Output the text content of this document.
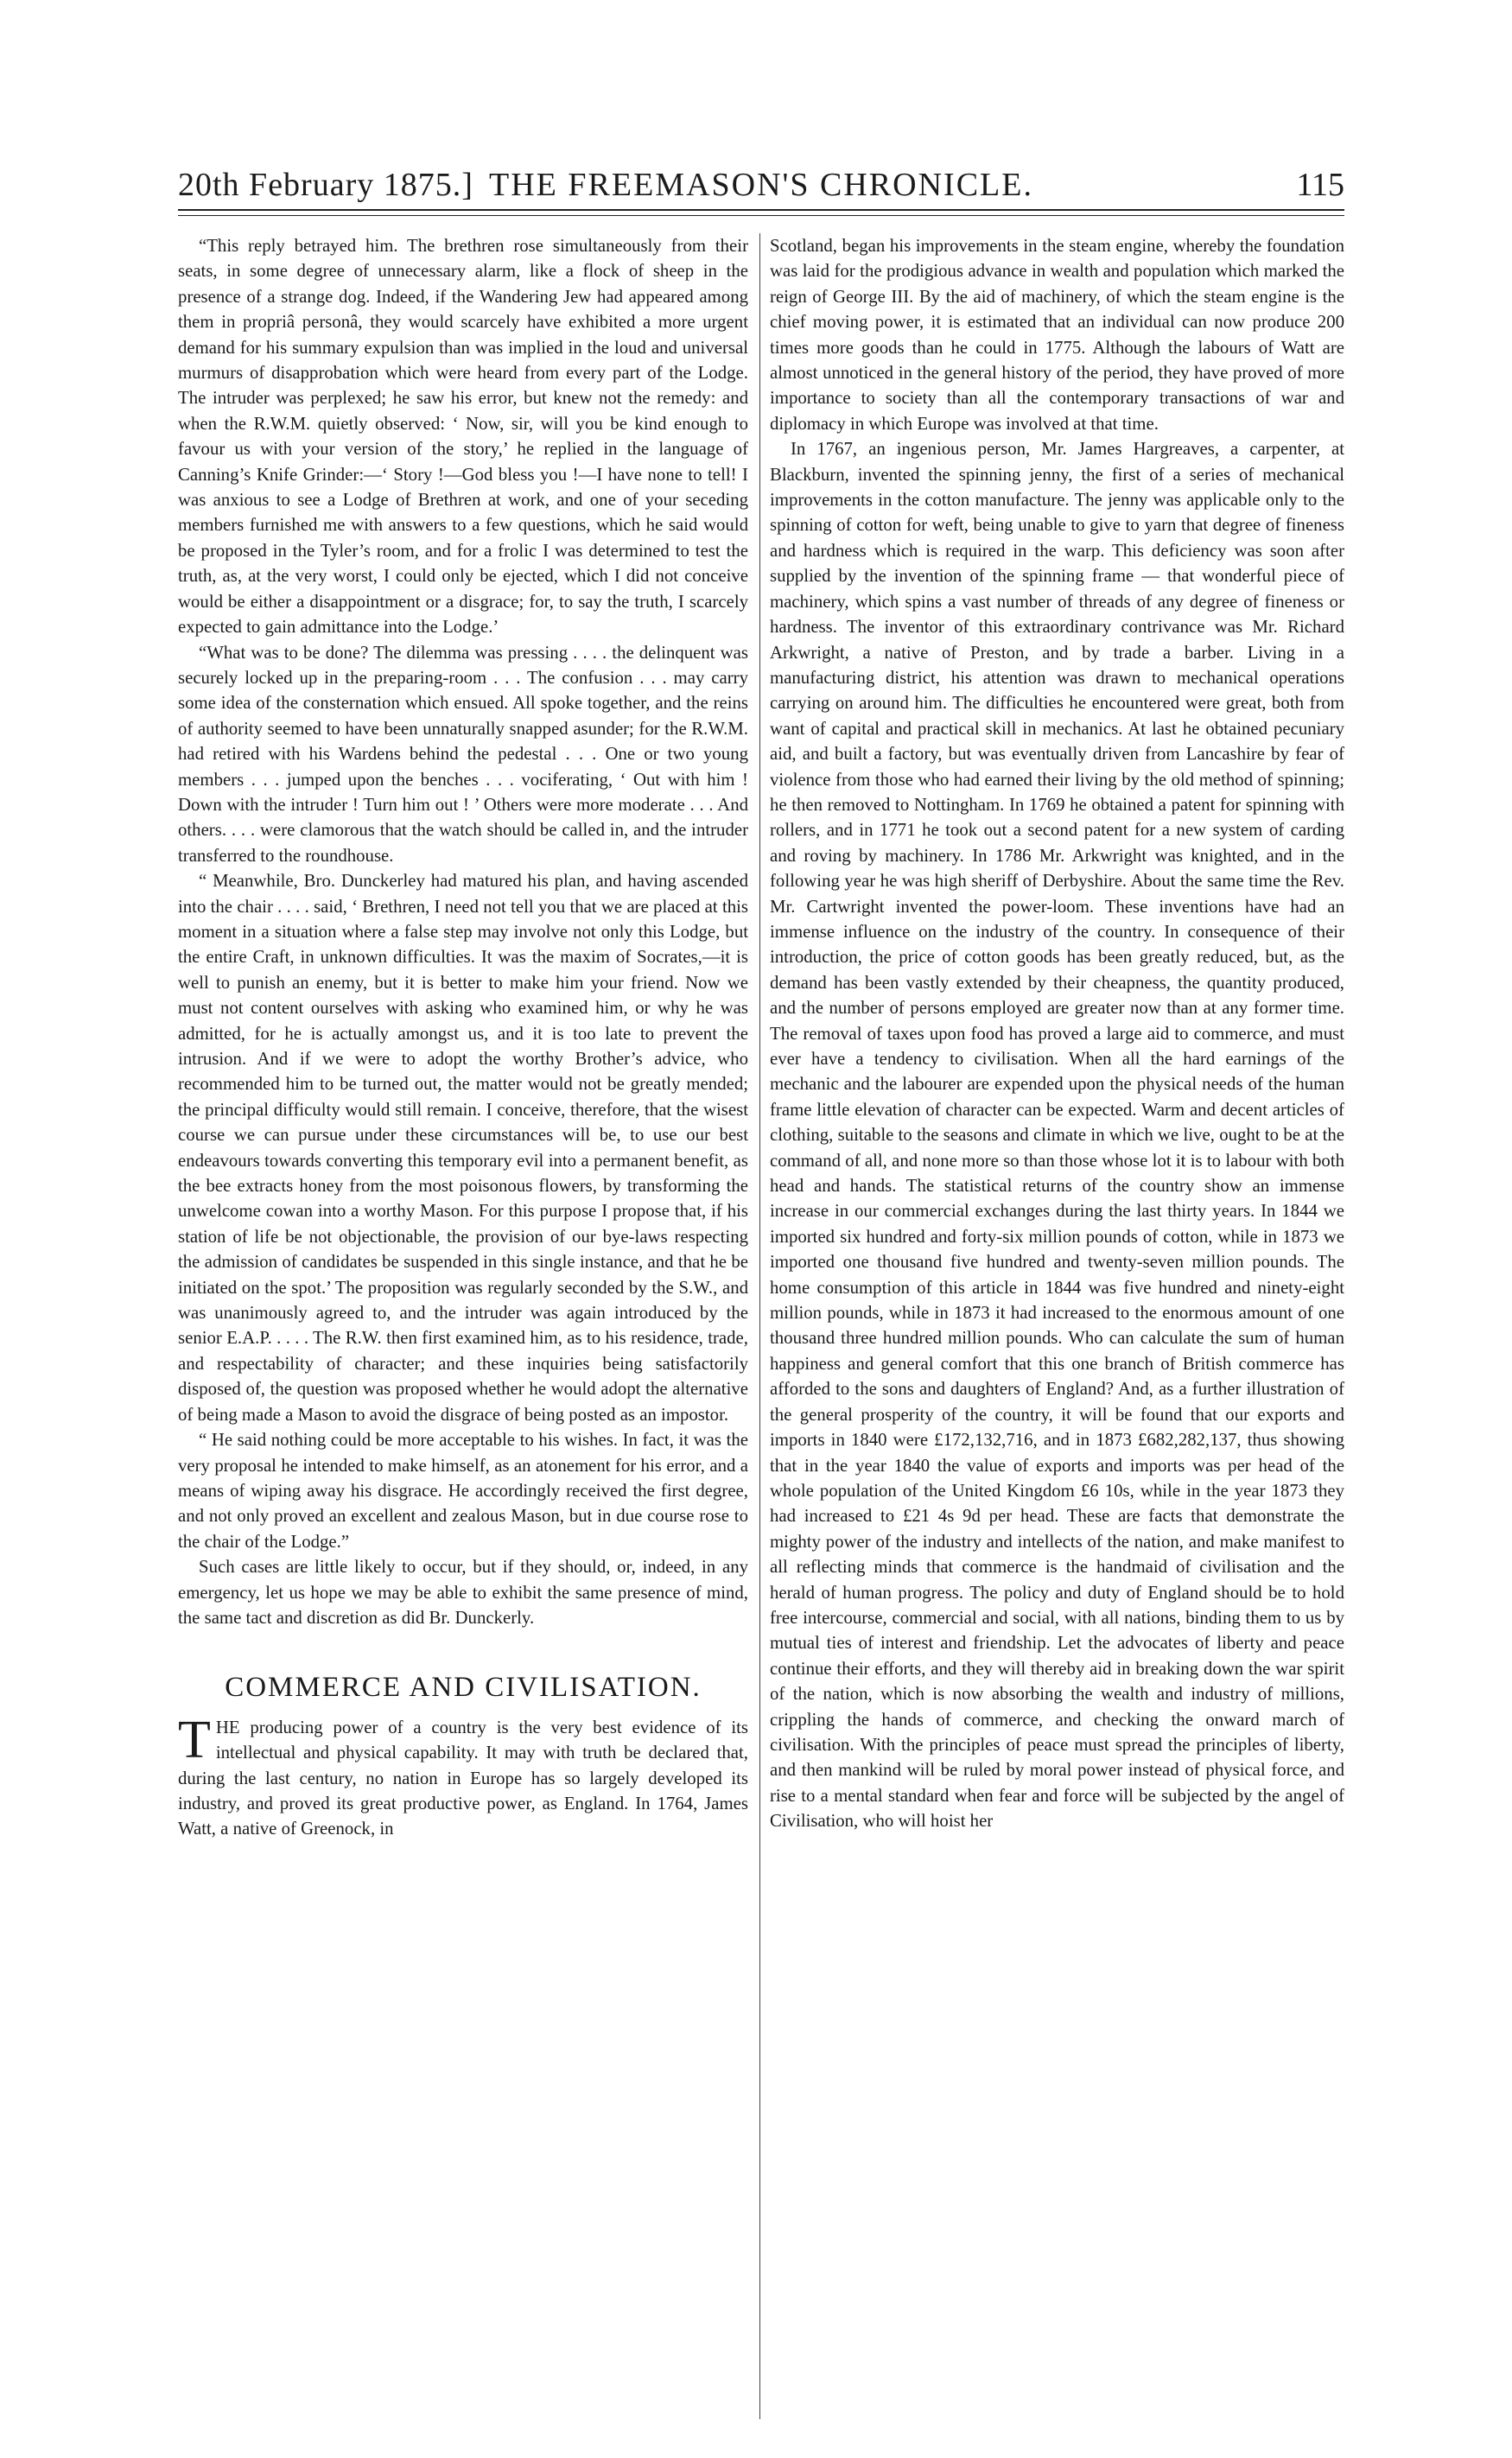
20th February 1875.] THE FREEMASON'S CHRONICLE.	115

“This reply betrayed him. The brethren rose simultaneously from their seats, in some degree of unnecessary alarm, like a flock of sheep in the presence of a strange dog. Indeed, if the Wandering Jew had appeared among them in propriâ personâ, they would scarcely have exhibited a more urgent demand for his summary expulsion than was implied in the loud and universal murmurs of disapprobation which were heard from every part of the Lodge. The intruder was perplexed; he saw his error, but knew not the remedy: and when the R.W.M. quietly observed: ‘ Now, sir, will you be kind enough to favour us with your version of the story,’ he replied in the language of Canning’s Knife Grinder:—‘ Story !—God bless you !—I have none to tell! I was anxious to see a Lodge of Brethren at work, and one of your seceding members furnished me with answers to a few questions, which he said would be proposed in the Tyler’s room, and for a frolic I was determined to test the truth, as, at the very worst, I could only be ejected, which I did not conceive would be either a disappointment or a disgrace; for, to say the truth, I scarcely expected to gain admittance into the Lodge.’

“What was to be done? The dilemma was pressing . . . . the delinquent was securely locked up in the preparing-room . . . The confusion . . . may carry some idea of the consternation which ensued. All spoke together, and the reins of authority seemed to have been unnaturally snapped asunder; for the R.W.M. had retired with his Wardens behind the pedestal . . . One or two young members . . . jumped upon the benches . . . vociferating, ‘ Out with him ! Down with the intruder ! Turn him out ! ’ Others were more moderate . . . And others. . . . were clamorous that the watch should be called in, and the intruder transferred to the roundhouse.

“ Meanwhile, Bro. Dunckerley had matured his plan, and having ascended into the chair . . . . said, ‘ Brethren, I need not tell you that we are placed at this moment in a situation where a false step may involve not only this Lodge, but the entire Craft, in unknown difficulties. It was the maxim of Socrates,—it is well to punish an enemy, but it is better to make him your friend. Now we must not content ourselves with asking who examined him, or why he was admitted, for he is actually amongst us, and it is too late to prevent the intrusion. And if we were to adopt the worthy Brother’s advice, who recommended him to be turned out, the matter would not be greatly mended; the principal difficulty would still remain. I conceive, therefore, that the wisest course we can pursue under these circumstances will be, to use our best endeavours towards converting this temporary evil into a permanent benefit, as the bee extracts honey from the most poisonous flowers, by transforming the unwelcome cowan into a worthy Mason. For this purpose I propose that, if his station of life be not objectionable, the provision of our bye-laws respecting the admission of candidates be suspended in this single instance, and that he be initiated on the spot.’ The proposition was regularly seconded by the S.W., and was unanimously agreed to, and the intruder was again introduced by the senior E.A.P. . . . . The R.W. then first examined him, as to his residence, trade, and respectability of character; and these inquiries being satisfactorily disposed of, the question was proposed whether he would adopt the alternative of being made a Mason to avoid the disgrace of being posted as an impostor.

“ He said nothing could be more acceptable to his wishes. In fact, it was the very proposal he intended to make himself, as an atonement for his error, and a means of wiping away his disgrace. He accordingly received the first degree, and not only proved an excellent and zealous Mason, but in due course rose to the chair of the Lodge.”

Such cases are little likely to occur, but if they should, or, indeed, in any emergency, let us hope we may be able to exhibit the same presence of mind, the same tact and discretion as did Br. Dunckerly.

COMMERCE AND CIVILISATION.

THE producing power of a country is the very best evidence of its intellectual and physical capability. It may with truth be declared that, during the last century, no nation in Europe has so largely developed its industry, and proved its great productive power, as England. In 1764, James Watt, a native of Greenock, in

Scotland, began his improvements in the steam engine, whereby the foundation was laid for the prodigious advance in wealth and population which marked the reign of George III. By the aid of machinery, of which the steam engine is the chief moving power, it is estimated that an individual can now produce 200 times more goods than he could in 1775. Although the labours of Watt are almost unnoticed in the general history of the period, they have proved of more importance to society than all the contemporary transactions of war and diplomacy in which Europe was involved at that time.

In 1767, an ingenious person, Mr. James Hargreaves, a carpenter, at Blackburn, invented the spinning jenny, the first of a series of mechanical improvements in the cotton manufacture. The jenny was applicable only to the spinning of cotton for weft, being unable to give to yarn that degree of fineness and hardness which is required in the warp. This deficiency was soon after supplied by the invention of the spinning frame — that wonderful piece of machinery, which spins a vast number of threads of any degree of fineness or hardness. The inventor of this extraordinary contrivance was Mr. Richard Arkwright, a native of Preston, and by trade a barber. Living in a manufacturing district, his attention was drawn to mechanical operations carrying on around him. The difficulties he encountered were great, both from want of capital and practical skill in mechanics. At last he obtained pecuniary aid, and built a factory, but was eventually driven from Lancashire by fear of violence from those who had earned their living by the old method of spinning; he then removed to Nottingham. In 1769 he obtained a patent for spinning with rollers, and in 1771 he took out a second patent for a new system of carding and roving by machinery. In 1786 Mr. Arkwright was knighted, and in the following year he was high sheriff of Derbyshire. About the same time the Rev. Mr. Cartwright invented the power-loom. These inventions have had an immense influence on the industry of the country. In consequence of their introduction, the price of cotton goods has been greatly reduced, but, as the demand has been vastly extended by their cheapness, the quantity produced, and the number of persons employed are greater now than at any former time. The removal of taxes upon food has proved a large aid to commerce, and must ever have a tendency to civilisation. When all the hard earnings of the mechanic and the labourer are expended upon the physical needs of the human frame little elevation of character can be expected. Warm and decent articles of clothing, suitable to the seasons and climate in which we live, ought to be at the command of all, and none more so than those whose lot it is to labour with both head and hands. The statistical returns of the country show an immense increase in our commercial exchanges during the last thirty years. In 1844 we imported six hundred and forty-six million pounds of cotton, while in 1873 we imported one thousand five hundred and twenty-seven million pounds. The home consumption of this article in 1844 was five hundred and ninety-eight million pounds, while in 1873 it had increased to the enormous amount of one thousand three hundred million pounds. Who can calculate the sum of human happiness and general comfort that this one branch of British commerce has afforded to the sons and daughters of England? And, as a further illustration of the general prosperity of the country, it will be found that our exports and imports in 1840 were £172,132,716, and in 1873 £682,282,137, thus showing that in the year 1840 the value of exports and imports was per head of the whole population of the United Kingdom £6 10s, while in the year 1873 they had increased to £21 4s 9d per head. These are facts that demonstrate the mighty power of the industry and intellects of the nation, and make manifest to all reflecting minds that commerce is the handmaid of civilisation and the herald of human progress. The policy and duty of England should be to hold free intercourse, commercial and social, with all nations, binding them to us by mutual ties of interest and friendship. Let the advocates of liberty and peace continue their efforts, and they will thereby aid in breaking down the war spirit of the nation, which is now absorbing the wealth and industry of millions, crippling the hands of commerce, and checking the onward march of civilisation. With the principles of peace must spread the principles of liberty, and then mankind will be ruled by moral power instead of physical force, and rise to a mental standard when fear and force will be subjected by the angel of Civilisation, who will hoist her
